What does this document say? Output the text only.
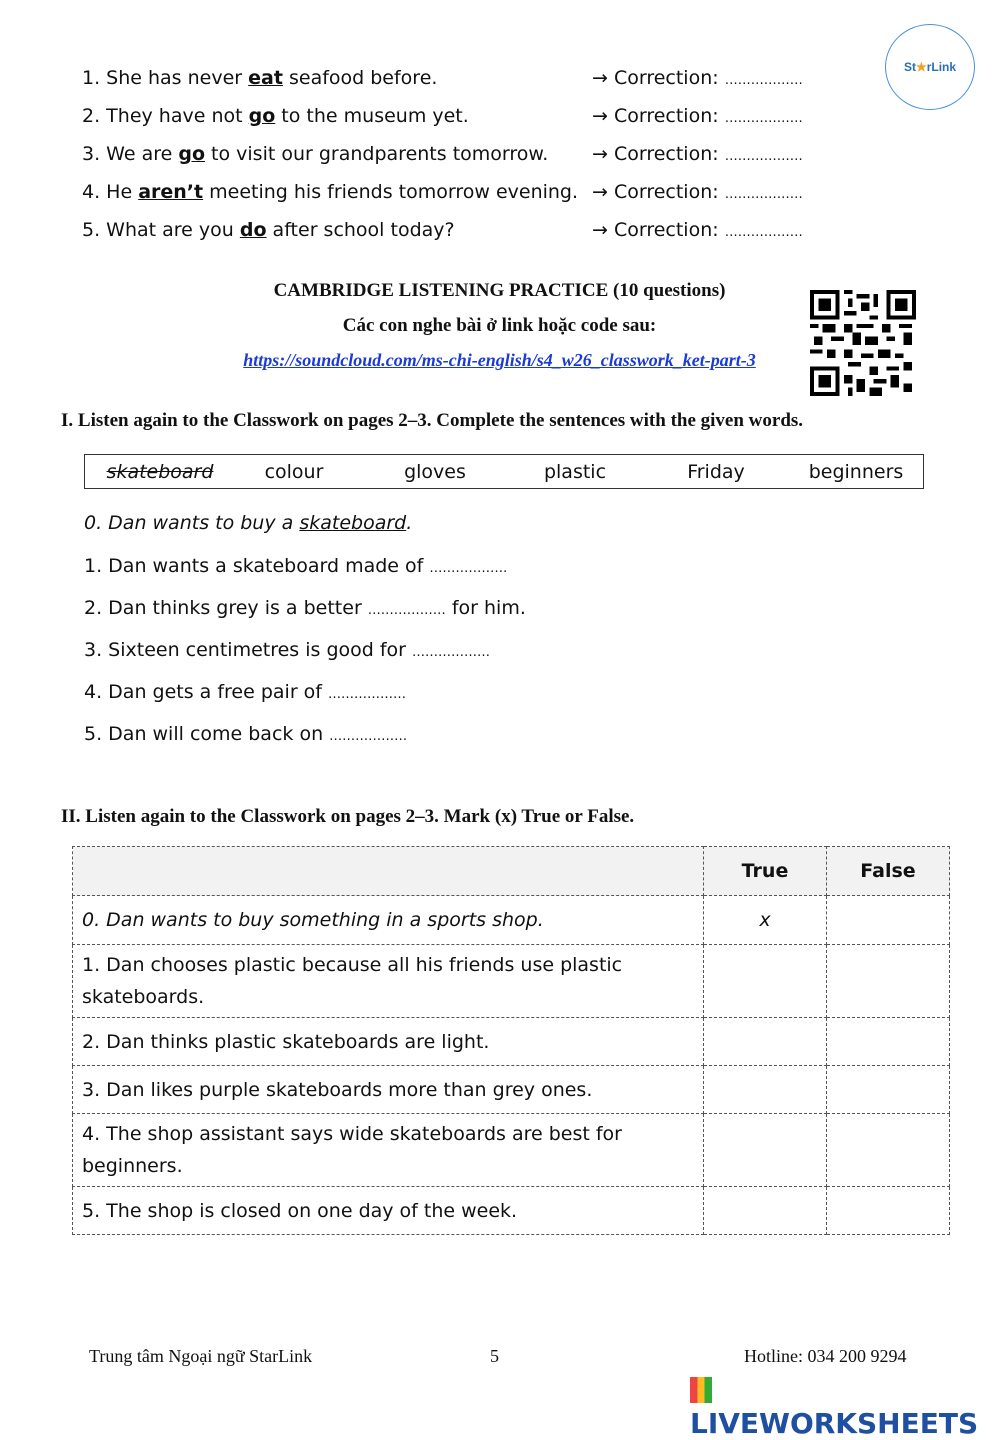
St ★ rLink
1. She has never eat seafood before.	→ Correction: ………………
2. They have not go to the museum yet.	→ Correction: ………………
3. We are go to visit our grandparents tomorrow. → Correction: ………………
4. He aren’t meeting his friends tomorrow evening. → Correction: ………………
5. What are you do after school today?	→ Correction: ………………
CAMBRIDGE LISTENING PRACTICE (10 questions)
Các con nghe bài ở link hoặc code sau:
https://soundcloud.com/ms-chi-english/s4_w26_classwork_ket-part-3
I. Listen again to the Classwork on pages 2–3. Complete the sentences with the given words.
skateboard	colour	gloves	plastic	Friday	beginners
0. Dan wants to buy a skateboard.
1. Dan wants a skateboard made of ………………
2. Dan thinks grey is a better ……………… for him.
3. Sixteen centimetres is good for ………………
4. Dan gets a free pair of ………………
5. Dan will come back on ………………
II. Listen again to the Classwork on pages 2–3. Mark (x) True or False.
	True	False
0. Dan wants to buy something in a sports shop.	x	
1. Dan chooses plastic because all his friends use plastic skateboards.		
2. Dan thinks plastic skateboards are light.		
3. Dan likes purple skateboards more than grey ones.		
4. The shop assistant says wide skateboards are best for beginners.		
5. The shop is closed on one day of the week.		
Trung tâm Ngoại ngữ StarLink	5	Hotline: 034 200 9294
LIVEWORKSHEETS
